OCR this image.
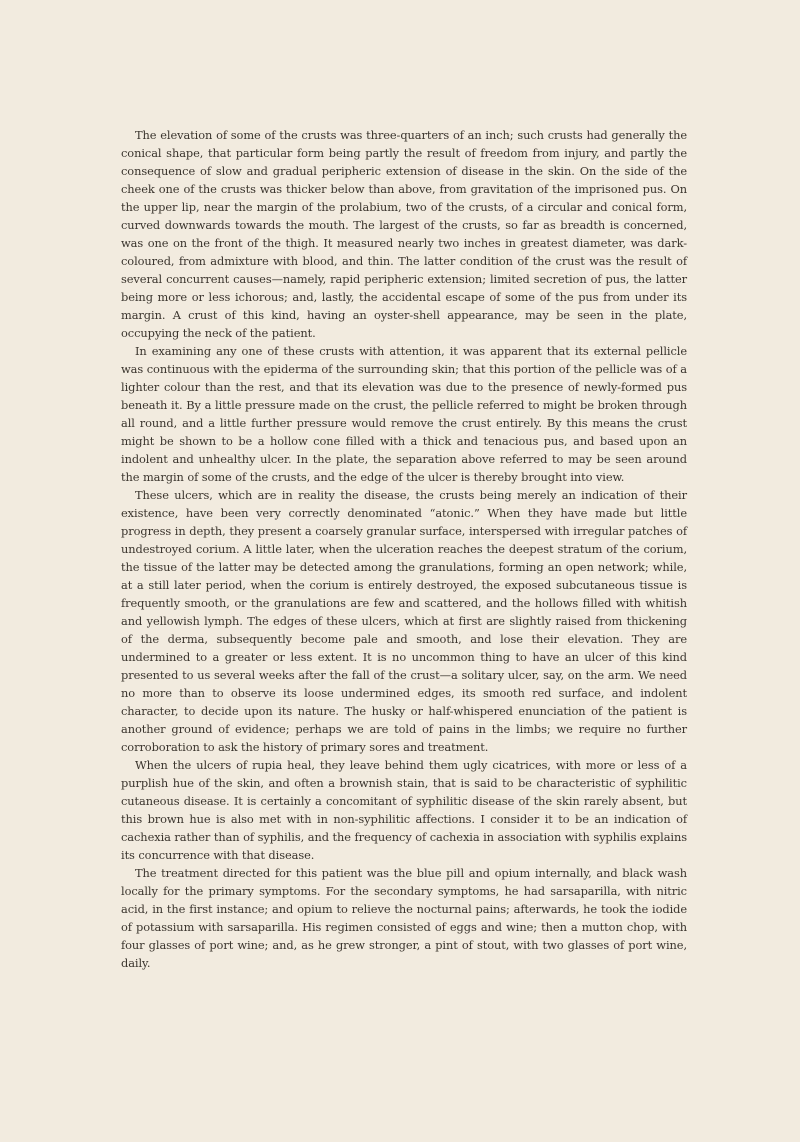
The elevation of some of the crusts was three-quarters of an inch; such crusts had generally the conical shape, that particular form being partly the result of freedom from injury, and partly the consequence of slow and gradual peripheric extension of disease in the skin. On the side of the cheek one of the crusts was thicker below than above, from gravitation of the imprisoned pus. On the upper lip, near the margin of the prolabium, two of the crusts, of a circular and conical form, curved downwards towards the mouth. The largest of the crusts, so far as breadth is concerned, was one on the front of the thigh. It measured nearly two inches in greatest diameter, was dark-coloured, from admixture with blood, and thin. The latter condition of the crust was the result of several concurrent causes—namely, rapid peripheric extension; limited secretion of pus, the latter being more or less ichorous; and, lastly, the accidental escape of some of the pus from under its margin. A crust of this kind, having an oyster-shell appearance, may be seen in the plate, occupying the neck of the patient.

In examining any one of these crusts with attention, it was apparent that its external pellicle was continuous with the epiderma of the surrounding skin; that this portion of the pellicle was of a lighter colour than the rest, and that its elevation was due to the presence of newly-formed pus beneath it. By a little pressure made on the crust, the pellicle referred to might be broken through all round, and a little further pressure would remove the crust entirely. By this means the crust might be shown to be a hollow cone filled with a thick and tenacious pus, and based upon an indolent and unhealthy ulcer. In the plate, the separation above referred to may be seen around the margin of some of the crusts, and the edge of the ulcer is thereby brought into view.

These ulcers, which are in reality the disease, the crusts being merely an indication of their existence, have been very correctly denominated “atonic.” When they have made but little progress in depth, they present a coarsely granular surface, interspersed with irregular patches of undestroyed corium. A little later, when the ulceration reaches the deepest stratum of the corium, the tissue of the latter may be detected among the granulations, forming an open network; while, at a still later period, when the corium is entirely destroyed, the exposed subcutaneous tissue is frequently smooth, or the granulations are few and scattered, and the hollows filled with whitish and yellowish lymph. The edges of these ulcers, which at first are slightly raised from thickening of the derma, subsequently become pale and smooth, and lose their elevation. They are undermined to a greater or less extent. It is no uncommon thing to have an ulcer of this kind presented to us several weeks after the fall of the crust—a solitary ulcer, say, on the arm. We need no more than to observe its loose undermined edges, its smooth red surface, and indolent character, to decide upon its nature. The husky or half-whispered enunciation of the patient is another ground of evidence; perhaps we are told of pains in the limbs; we require no further corroboration to ask the history of primary sores and treatment.

When the ulcers of rupia heal, they leave behind them ugly cicatrices, with more or less of a purplish hue of the skin, and often a brownish stain, that is said to be characteristic of syphilitic cutaneous disease. It is certainly a concomitant of syphilitic disease of the skin rarely absent, but this brown hue is also met with in non-syphilitic affections. I consider it to be an indication of cachexia rather than of syphilis, and the frequency of cachexia in association with syphilis explains its concurrence with that disease.

The treatment directed for this patient was the blue pill and opium internally, and black wash locally for the primary symptoms. For the secondary symptoms, he had sarsaparilla, with nitric acid, in the first instance; and opium to relieve the nocturnal pains; afterwards, he took the iodide of potassium with sarsaparilla. His regimen consisted of eggs and wine; then a mutton chop, with four glasses of port wine; and, as he grew stronger, a pint of stout, with two glasses of port wine, daily.
